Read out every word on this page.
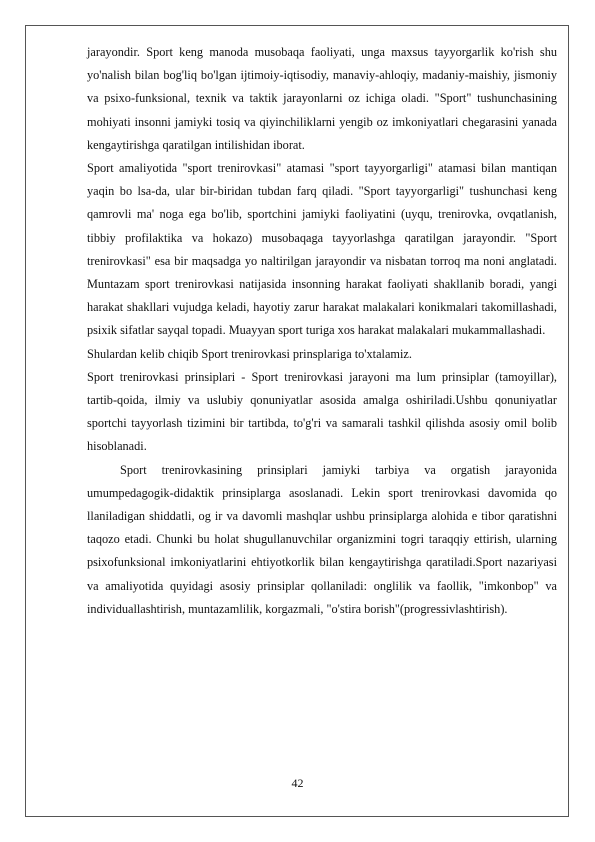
jarayondir. Sport keng manoda musobaqa faoliyati, unga maxsus tayyorgarlik ko'rish shu yo'nalish bilan bog'liq bo'lgan ijtimoiy-iqtisodiy, manaviy-ahloqiy, madaniy-maishiy, jismoniy va psixo-funksional, texnik va taktik jarayonlarni oz ichiga oladi. "Sport" tushunchasining mohiyati insonni jamiyki tosiq va qiyinchiliklarni yengib oz imkoniyatlari chegarasini yanada kengaytirishga qaratilgan intilishidan iborat.

Sport amaliyotida "sport trenirovkasi" atamasi "sport tayyorgarligi" atamasi bilan mantiqan yaqin bo lsa-da, ular bir-biridan tubdan farq qiladi. "Sport tayyorgarligi" tushunchasi keng qamrovli ma' noga ega bo'lib, sportchini jamiyki faoliyatini (uyqu, trenirovka, ovqatlanish, tibbiy profilaktika va hokazo) musobaqaga tayyorlashga qaratilgan jarayondir. "Sport trenirovkasi" esa bir maqsadga yo naltirilgan jarayondir va nisbatan torroq ma noni anglatadi. Muntazam sport trenirovkasi natijasida insonning harakat faoliyati shakllanib boradi, yangi harakat shakllari vujudga keladi, hayotiy zarur harakat malakalari konikmalari takomillashadi, psixik sifatlar sayqal topadi. Muayyan sport turiga xos harakat malakalari mukammallashadi.

Shulardan kelib chiqib Sport trenirovkasi prinsplariga to'xtalamiz.

Sport trenirovkasi prinsiplari - Sport trenirovkasi jarayoni ma lum prinsiplar (tamoyillar), tartib-qoida, ilmiy va uslubiy qonuniyatlar asosida amalga oshiriladi.Ushbu qonuniyatlar sportchi tayyorlash tizimini bir tartibda, to'g'ri va samarali tashkil qilishda asosiy omil bolib hisoblanadi.

Sport trenirovkasining prinsiplari jamiyki tarbiya va orgatish jarayonida umumpedagogik-didaktik prinsiplarga asoslanadi. Lekin sport trenirovkasi davomida qo llaniladigan shiddatli, og ir va davomli mashqlar ushbu prinsiplarga alohida e tibor qaratishni taqozo etadi. Chunki bu holat shugullanuvchilar organizmini togri taraqqiy ettirish, ularning psixofunksional imkoniyatlarini ehtiyotkorlik bilan kengaytirishga qaratiladi.Sport nazariyasi va amaliyotida quyidagi asosiy prinsiplar qollaniladi: onglilik va faollik, "imkonbop" va individuallashtirish, muntazamlilik, korgazmali, "o'stira borish"(progressivlashtirish).

42
